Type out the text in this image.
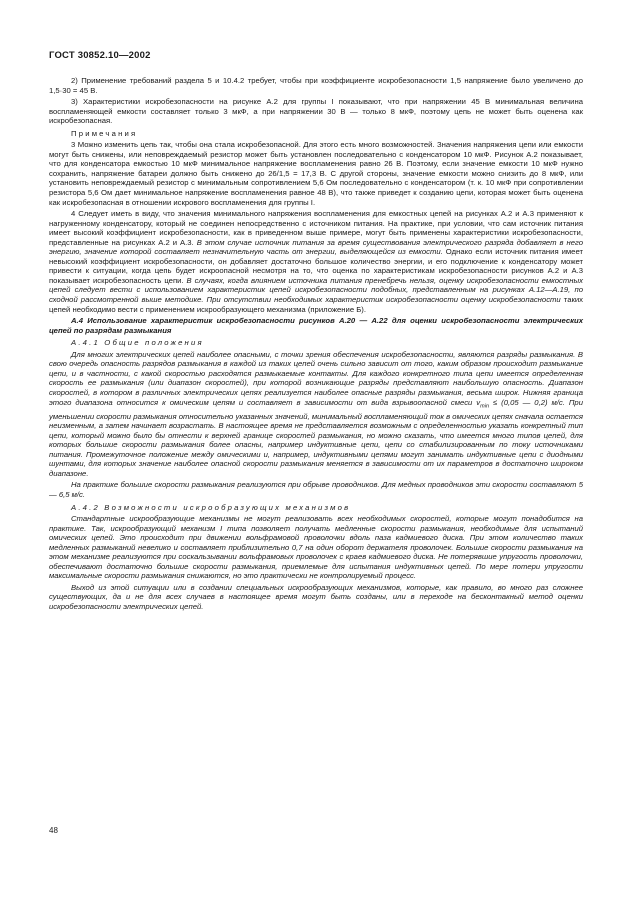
ГОСТ 30852.10—2002

2) Применение требований раздела 5 и 10.4.2 требует, чтобы при коэффициенте искробезопасности 1,5 напряжение было увеличено до 1,5·30 = 45 В.

3) Характеристики искробезопасности на рисунке А.2 для группы I показывают, что при напряжении 45 В минимальная величина воспламеняющей емкости составляет только 3 мкФ, а при напряжении 30 В — только 8 мкФ, поэтому цепь не может быть оценена как искробезопасная.

Примечания

3 Можно изменить цепь так, чтобы она стала искробезопасной. Для этого есть много возможностей. Значения напряжения цепи или емкости могут быть снижены, или неповреждаемый резистор может быть установлен последовательно с конденсатором 10 мкФ. Рисунок А.2 показывает, что для конденсатора емкостью 10 мкФ минимальное напряжение воспламенения равно 26 В. Поэтому, если значение емкости 10 мкФ нужно сохранить, напряжение батареи должно быть снижено до 26/1,5 = 17,3 В. С другой стороны, значение емкости можно снизить до 8 мкФ, или установить неповреждаемый резистор с минимальным сопротивлением 5,6 Ом последовательно с конденсатором (т. к. 10 мкФ при сопротивлении резистора 5,6 Ом дает минимальное напряжение воспламенения равное 48 В), что также приведет к созданию цепи, которая может быть оценена как искробезопасная в отношении искрового воспламенения для группы I.

4 Следует иметь в виду, что значения минимального напряжения воспламенения для емкостных цепей на рисунках А.2 и А.3 применяют к нагруженному конденсатору, который не соединен непосредственно с источником питания. На практике, при условии, что сам источник питания имеет высокий коэффициент искробезопасности, как в приведенном выше примере, могут быть применены характеристики искробезопасности, представленные на рисунках А.2 и А.3. В этом случае источник питания за время существования электрического разряда добавляет в него энергию, значение которой составляет незначительную часть от энергии, выделяющейся из емкости. Однако если источник питания имеет невысокий коэффициент искробезопасности, он добавляет достаточно большое количество энергии, и его подключение к конденсатору может привести к ситуации, когда цепь будет искроопасной несмотря на то, что оценка по характеристикам искробезопасности рисунков А.2 и А.3 показывает искробезопасность цепи. В случаях, когда влиянием источника питания пренебречь нельзя, оценку искробезопасности емкостных цепей следует вести с использованием характеристик цепей искробезопасности подобных, представленным на рисунках А.12—А.19, по сходной рассмотренной выше методике. При отсутствии необходимых характеристик искробезопасности оценку искробезопасности таких цепей необходимо вести с применением искрообразующего механизма (приложение Б).

А.4 Использование характеристик искробезопасности рисунков А.20 — А.22 для оценки искробезопасности электрических цепей по разрядам размыкания

А.4.1 Общие положения

Для многих электрических цепей наиболее опасными, с точки зрения обеспечения искробезопасности, являются разряды размыкания. В свою очередь опасность разрядов размыкания в каждой из таких цепей очень сильно зависит от того, каким образом происходит размыкание цепи, и в частности, с какой скоростью расходятся размыкаемые контакты. Для каждого конкретного типа цепи имеется определенная скорость ее размыкания (или диапазон скоростей), при которой возникающие разряды представляют наибольшую опасность. Диапазон скоростей, в котором в различных электрических цепях реализуется наиболее опасные разряды размыкания, весьма широк. Нижняя граница этого диапазона относится к омическим цепям и составляет в зависимости от вида взрывоопасной смеси $v_{min} \le (0,05$ — 0,2) м/с. При уменьшении скорости размыкания относительно указанных значений, минимальный воспламеняющий ток в омических цепях сначала остается неизменным, а затем начинает возрастать. В настоящее время не представляется возможным с определенностью указать конкретный тип цепи, который можно было бы отнести к верхней границе скоростей размыкания, но можно сказать, что имеется много типов цепей, для которых большие скорости размыкания более опасны, например индуктивные цепи, цепи со стабилизированным по току источниками питания. Промежуточное положение между омическими и, например, индуктивными цепями могут занимать индуктивные цепи с диодными шунтами, для которых значение наиболее опасной скорости размыкания меняется в зависимости от их параметров в достаточно широком диапазоне.

На практике большие скорости размыкания реализуются при обрыве проводников. Для медных проводников эти скорости составляют 5 — 6,5 м/с.

А.4.2 Возможности искрообразующих механизмов

Стандартные искрообразующие механизмы не могут реализовать всех необходимых скоростей, которые могут понадобится на практике. Так, искрообразующий механизм I типа позволяет получать медленные скорости размыкания, необходимые для испытаний омических цепей. Это происходит при движении вольфрамовой проволочки вдоль паза кадмиевого диска. При этом количество таких медленных размыканий невелико и составляет приблизительно 0,7 на один оборот держателя проволочек. Большие скорости размыкания на этом механизме реализуются при соскальзывании вольфрамовых проволочек с краев кадмиевого диска. Не потерявшие упругость проволочки, обеспечивают достаточно большие скорости размыкания, приемлемые для испытания индуктивных цепей. По мере потери упругости максимальные скорости размыкания снижаются, но это практически не контролируемый процесс.

Выход из этой ситуации или в создании специальных искрообразующих механизмов, которые, как правило, во много раз сложнее существующих, да и не для всех случаев в настоящее время могут быть созданы, или в переходе на бесконтакный метод оценки искробезопасности электрических цепей.

48
